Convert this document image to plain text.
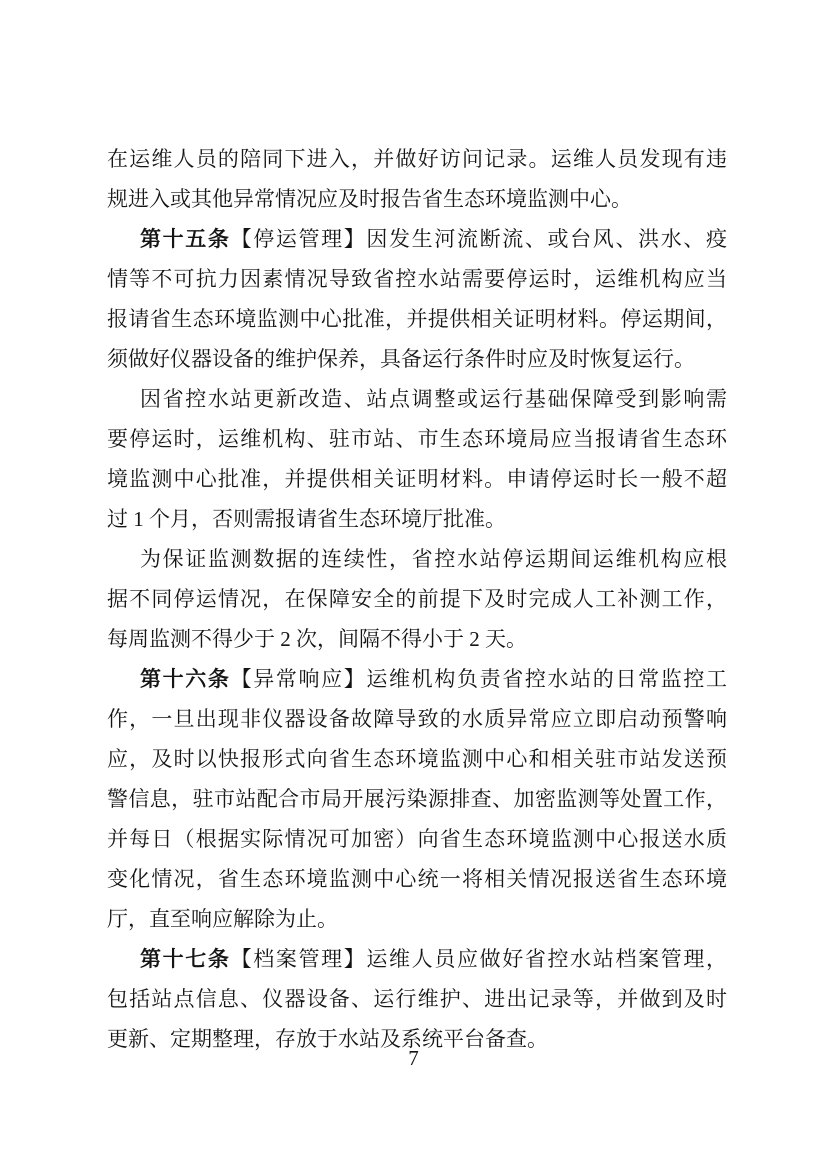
在运维人员的陪同下进入，并做好访问记录。运维人员发现有违
规进入或其他异常情况应及时报告省生态环境监测中心。
第十五条【停运管理】因发生河流断流、或台风、洪水、疫
情等不可抗力因素情况导致省控水站需要停运时，运维机构应当
报请省生态环境监测中心批准，并提供相关证明材料。停运期间，
须做好仪器设备的维护保养，具备运行条件时应及时恢复运行。
因省控水站更新改造、站点调整或运行基础保障受到影响需
要停运时，运维机构、驻市站、市生态环境局应当报请省生态环
境监测中心批准，并提供相关证明材料。申请停运时长一般不超
过 1 个月，否则需报请省生态环境厅批准。
为保证监测数据的连续性，省控水站停运期间运维机构应根
据不同停运情况，在保障安全的前提下及时完成人工补测工作，
每周监测不得少于 2 次，间隔不得小于 2 天。
第十六条【异常响应】运维机构负责省控水站的日常监控工
作，一旦出现非仪器设备故障导致的水质异常应立即启动预警响
应，及时以快报形式向省生态环境监测中心和相关驻市站发送预
警信息，驻市站配合市局开展污染源排查、加密监测等处置工作，
并每日（根据实际情况可加密）向省生态环境监测中心报送水质
变化情况，省生态环境监测中心统一将相关情况报送省生态环境
厅，直至响应解除为止。
第十七条【档案管理】运维人员应做好省控水站档案管理，
包括站点信息、仪器设备、运行维护、进出记录等，并做到及时
更新、定期整理，存放于水站及系统平台备查。
7
